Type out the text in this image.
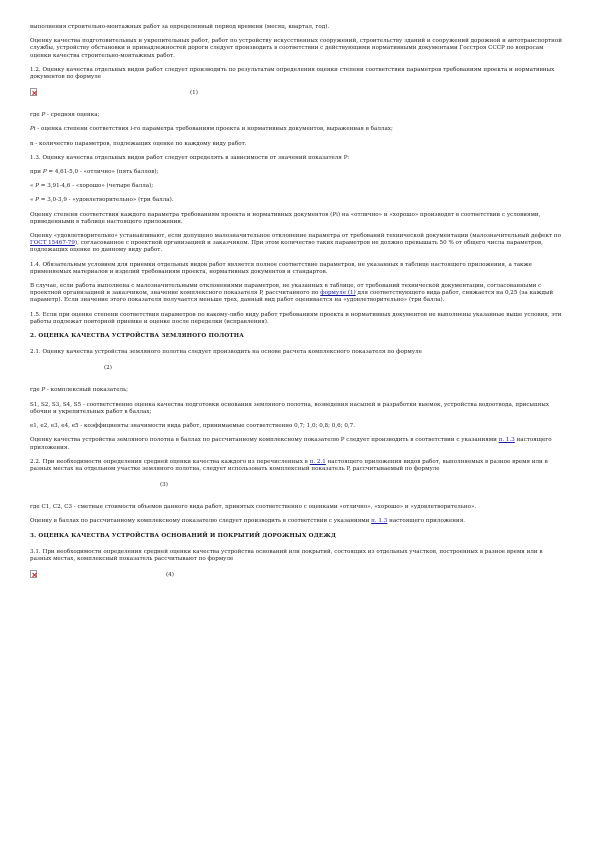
выполнения строительно-монтажных работ за определенный период времени (месяц, квартал, год).

Оценку качества подготовительных и укрепительных работ, работ по устройству искусственных сооружений, строительству зданий и сооружений дорожной и автотранспортной службы, устройству обстановки и принадлежностей дороги следует производить в соответствии с действующими нормативными документами Госстроя СССР по вопросам оценки качества строительно-монтажных работ.

1.2. Оценку качества отдельных видов работ следует производить по результатам определения оценки степени соответствия параметров требованиям проекта и нормативных документов по формуле

(1)

где P - средняя оценка;

Pi - оценка степени соответствия i-го параметра требованиям проекта и нормативных документов, выраженная в баллах;

n - количество параметров, подлежащих оценке по каждому виду работ.

1.3. Оценку качества отдельных видов работ следует определять в зависимости от значений показателя P:

при P = 4,61-5,0 - «отлично» (пять баллов);

« P = 3,91-4,6 - «хорошо» (четыре балла);

« P = 3,0-3,9 - «удовлетворительно» (три балла).

Оценку степени соответствия каждого параметра требованиям проекта и нормативных документов (Pi) на «отлично» и «хорошо» производят в соответствии с условиями, приведенными в таблице настоящего приложения.

Оценку «удовлетворительно» устанавливают, если допущено малозначительное отклонение параметра от требований технической документации (малозначительный дефект по ГОСТ 15467-79), согласованное с проектной организацией и заказчиком. При этом количество таких параметров не должно превышать 50 % от общего числа параметров, подлежащих оценке по данному виду работ.

1.4. Обязательным условием для приемки отдельных видов работ является полное соответствие параметров, не указанных в таблице настоящего приложения, а также применяемых материалов и изделий требованиям проекта, нормативных документов и стандартов.

В случае, если работа выполнена с малозначительными отклонениями параметров, не указанных в таблице, от требований технической документации, согласованными с проектной организацией и заказчиком, значение комплексного показателя P, рассчитанного по формуле (1) для соответствующего вида работ, снижается на 0,25 (за каждый параметр). Если значение этого показателя получается меньше трех, данный вид работ оценивается на «удовлетворительно» (три балла).

1.5. Если при оценке степени соответствия параметров по какому-либо виду работ требованиям проекта и нормативных документов не выполнены указанные выше условия, эти работы подлежат повторной приемке и оценке после переделки (исправления).

2. ОЦЕНКА КАЧЕСТВА УСТРОЙСТВА ЗЕМЛЯНОГО ПОЛОТНА

2.1. Оценку качества устройства земляного полотна следует производить на основе расчета комплексного показателя по формуле

(2)

где P - комплексный показатель;

S1, S2, S3, S4, S5 - соответственно оценка качества подготовки основания земляного полотна, возведения насыпей и разработки выемок, устройства водоотвода, присыпных обочин и укрепительных работ в баллах;

e1, e2, e3, e4, e5 - коэффициенты значимости вида работ, принимаемые соответственно 0,7; 1,0; 0,8; 0,6; 0,7.

Оценку качества устройства земляного полотна в баллах по рассчитанному комплексному показателю P следует производить в соответствии с указаниями п. 1.3 настоящего приложения.

2.2. При необходимости определения средней оценки качества каждого из перечисленных в п. 2.1 настоящего приложения видов работ, выполняемых в разное время или в разных местах на отдельном участке земляного полотна, следует использовать комплексный показатель P, рассчитываемый по формуле

(3)

где C1, C2, C3 - сметные стоимости объемов данного вида работ, принятых соответственно с оценками «отлично», «хорошо» и «удовлетворительно».

Оценку в баллах по рассчитанному комплексному показателю следует производить в соответствии с указаниями п. 1.3 настоящего приложения.

3. ОЦЕНКА КАЧЕСТВА УСТРОЙСТВА ОСНОВАНИЙ И ПОКРЫТИЙ ДОРОЖНЫХ ОДЕЖД

3.1. При необходимости определения средней оценки качества устройства оснований или покрытий, состоящих из отдельных участков, построенных в разное время или в разных местах, комплексный показатель рассчитывают по формуле

(4)
